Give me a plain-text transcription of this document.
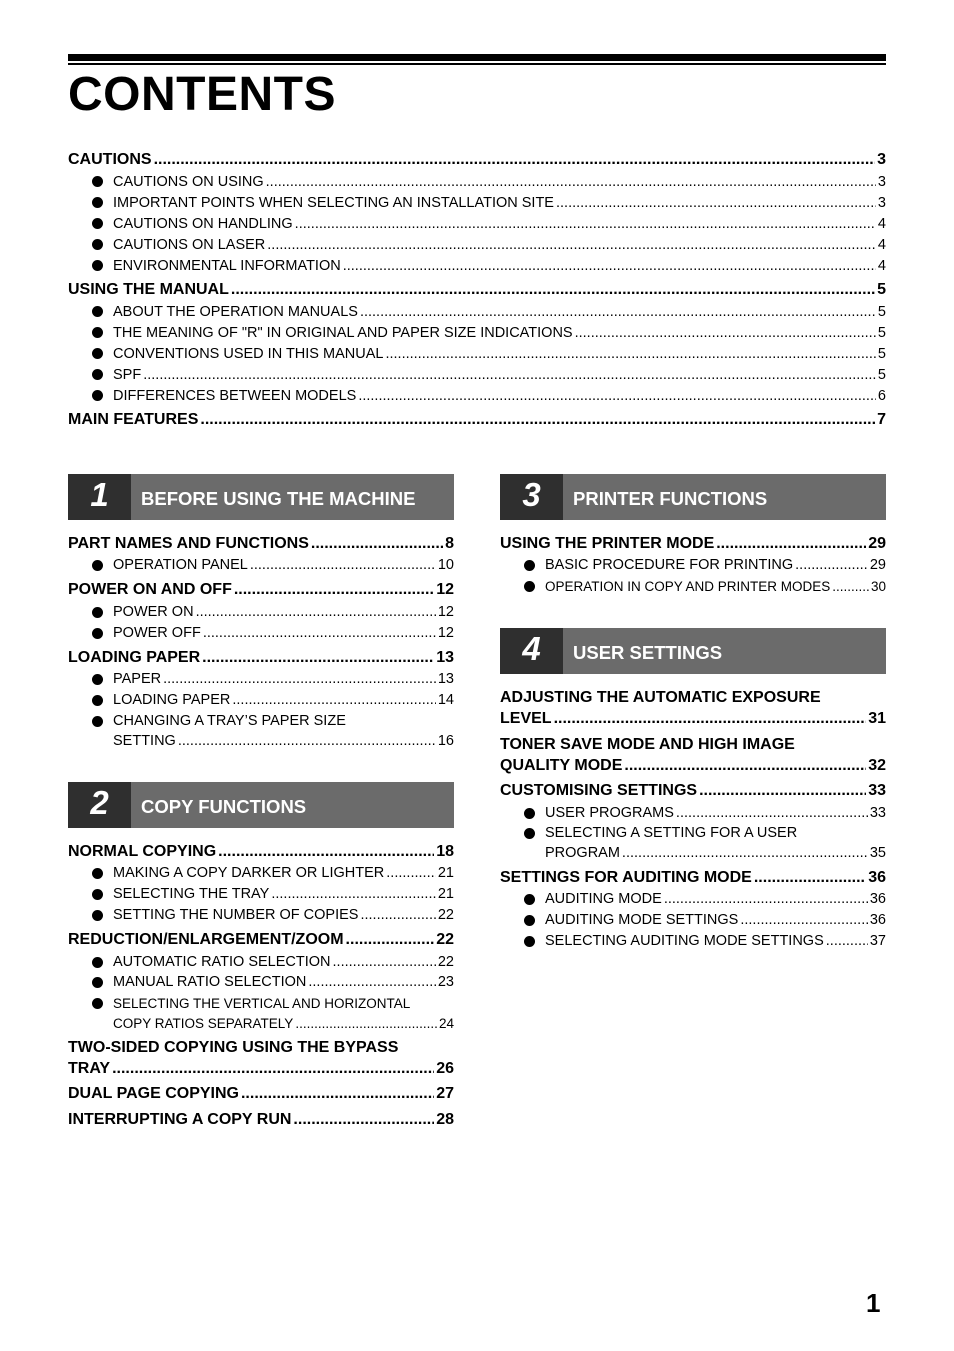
CONTENTS
CAUTIONS .....	3
CAUTIONS ON USING .....	3
IMPORTANT POINTS WHEN SELECTING AN INSTALLATION SITE .....	3
CAUTIONS ON HANDLING .....	4
CAUTIONS ON LASER .....	4
ENVIRONMENTAL INFORMATION .....	4
USING THE MANUAL .....	5
ABOUT THE OPERATION MANUALS .....	5
THE MEANING OF "R" IN ORIGINAL AND PAPER SIZE INDICATIONS .....	5
CONVENTIONS USED IN THIS MANUAL .....	5
SPF .....	5
DIFFERENCES BETWEEN MODELS .....	6
MAIN FEATURES .....	7
1	BEFORE USING THE MACHINE
PART NAMES AND FUNCTIONS .....	8
OPERATION PANEL .....	10
POWER ON AND OFF .....	12
POWER ON .....	12
POWER OFF .....	12
LOADING PAPER .....	13
PAPER .....	13
LOADING PAPER .....	14
CHANGING A TRAY’S PAPER SIZE
SETTING .....	16
2	COPY FUNCTIONS
NORMAL COPYING .....	18
MAKING A COPY DARKER OR LIGHTER .....	21
SELECTING THE TRAY .....	21
SETTING THE NUMBER OF COPIES .....	22
REDUCTION/ENLARGEMENT/ZOOM .....	22
AUTOMATIC RATIO SELECTION .....	22
MANUAL RATIO SELECTION .....	23
SELECTING THE VERTICAL AND HORIZONTAL
COPY RATIOS SEPARATELY .....	24
TWO-SIDED COPYING USING THE BYPASS
TRAY .....	26
DUAL PAGE COPYING .....	27
INTERRUPTING A COPY RUN .....	28
3	PRINTER FUNCTIONS
USING THE PRINTER MODE .....	29
BASIC PROCEDURE FOR PRINTING .....	29
OPERATION IN COPY AND PRINTER MODES .....	30
4	USER SETTINGS
ADJUSTING THE AUTOMATIC EXPOSURE
LEVEL .....	31
TONER SAVE MODE AND HIGH IMAGE
QUALITY MODE .....	32
CUSTOMISING SETTINGS .....	33
USER PROGRAMS .....	33
SELECTING A SETTING FOR A USER
PROGRAM .....	35
SETTINGS FOR AUDITING MODE .....	36
AUDITING MODE .....	36
AUDITING MODE SETTINGS .....	36
SELECTING AUDITING MODE SETTINGS .....	37
1
